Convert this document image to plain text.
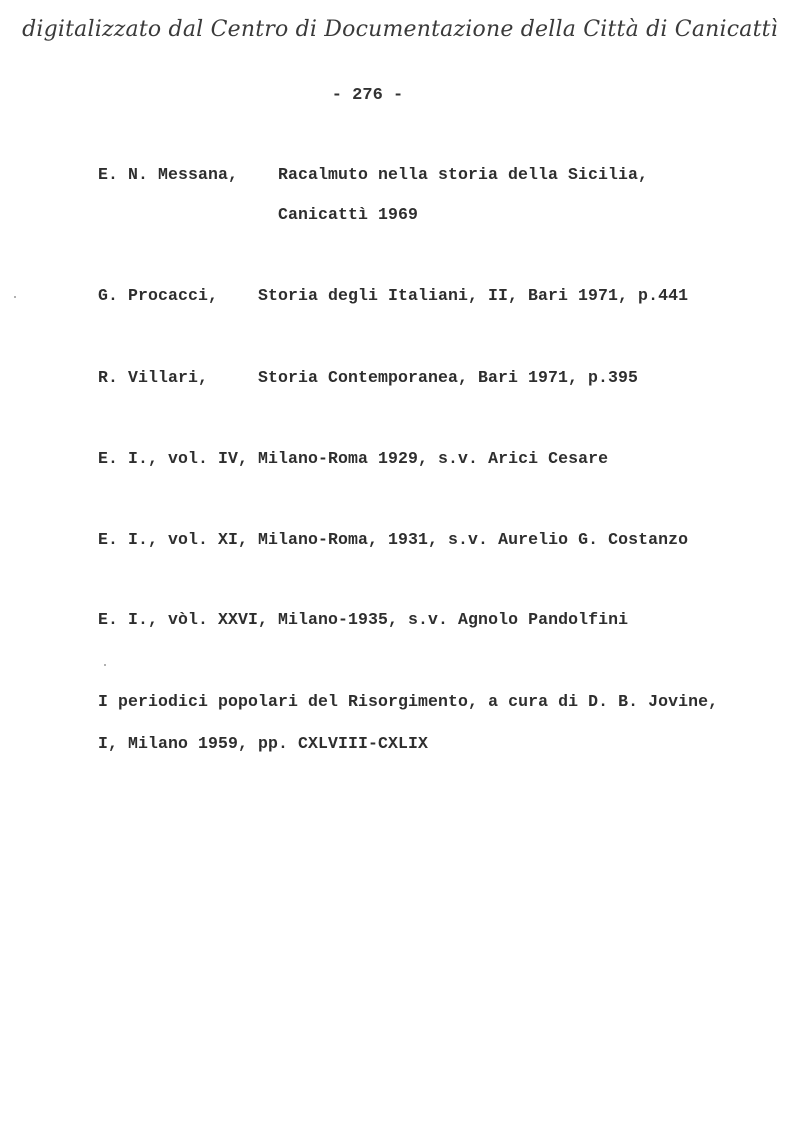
digitalizzato dal Centro di Documentazione della Città di Canicattì
- 276 -
E. N. Messana, Racalmuto nella storia della Sicilia,
Canicattì 1969
G. Procacci, Storia degli Italiani, II, Bari 1971, p.441
R. Villari,	Storia Contemporanea, Bari 1971, p.395
E. I., vol. IV, Milano-Roma 1929, s.v. Arici Cesare
E. I., vol. XI, Milano-Roma, 1931, s.v. Aurelio G. Costanzo
E. I., vòl. XXVI, Milano-1935, s.v. Agnolo Pandolfini
I periodici popolari del Risorgimento, a cura di D. B. Jovine,
I, Milano 1959, pp. CXLVIII-CXLIX
